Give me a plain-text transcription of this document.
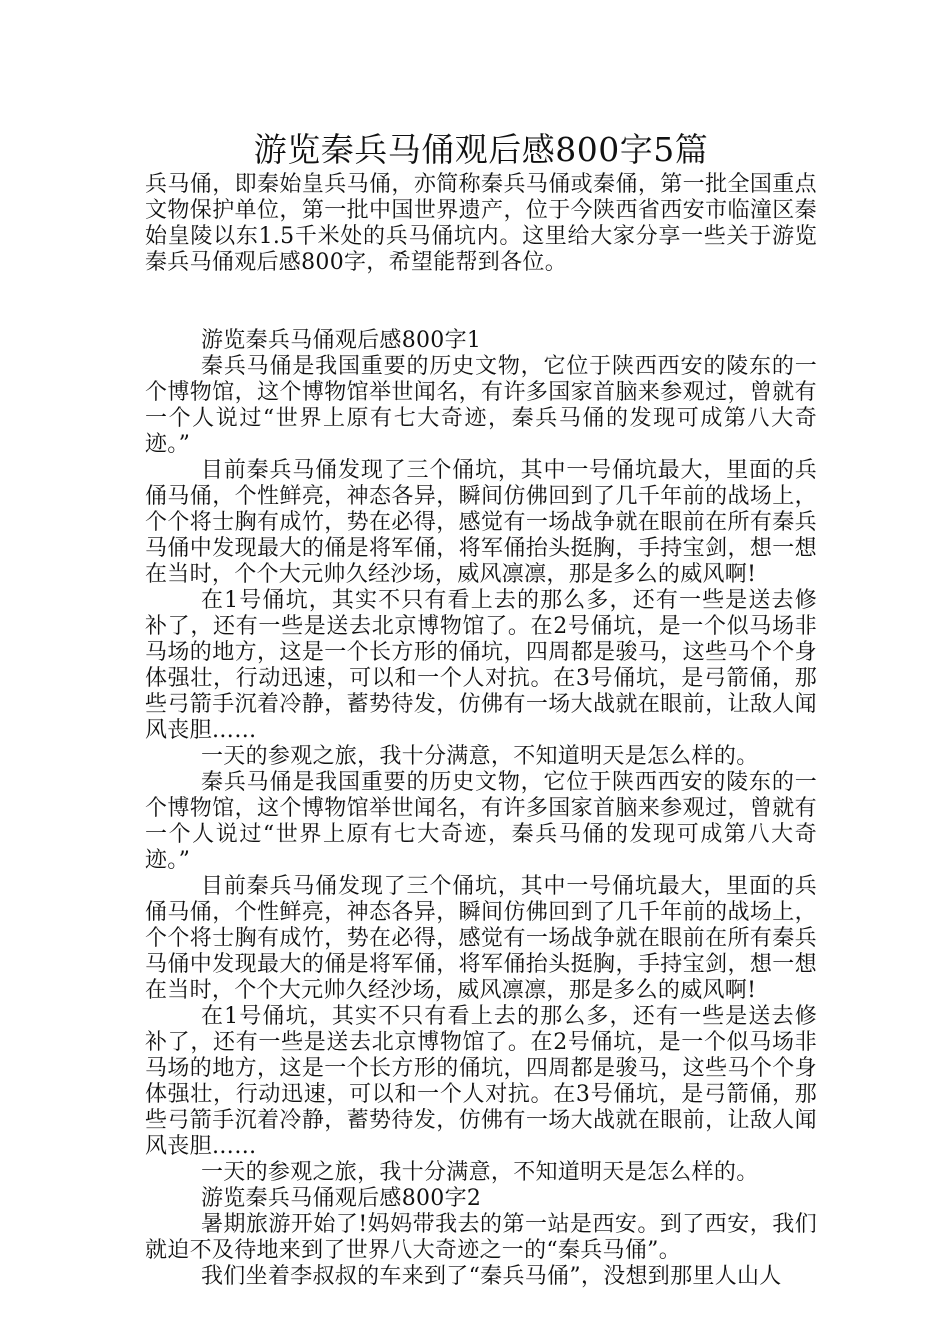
游览秦兵马俑观后感800字5篇

兵马俑，即秦始皇兵马俑，亦简称秦兵马俑或秦俑，第一批全国重点文物保护单位，第一批中国世界遗产，位于今陕西省西安市临潼区秦始皇陵以东1.5千米处的兵马俑坑内。这里给大家分享一些关于游览秦兵马俑观后感800字，希望能帮到各位。

游览秦兵马俑观后感800字1

秦兵马俑是我国重要的历史文物，它位于陕西西安的陵东的一个博物馆，这个博物馆举世闻名，有许多国家首脑来参观过，曾就有一个人说过“世界上原有七大奇迹，秦兵马俑的发现可成第八大奇迹。”

目前秦兵马俑发现了三个俑坑，其中一号俑坑最大，里面的兵俑马俑，个性鲜亮，神态各异，瞬间仿佛回到了几千年前的战场上，个个将士胸有成竹，势在必得，感觉有一场战争就在眼前在所有秦兵马俑中发现最大的俑是将军俑，将军俑抬头挺胸，手持宝剑，想一想在当时，个个大元帅久经沙场，威风凛凛，那是多么的威风啊!

在1号俑坑，其实不只有看上去的那么多，还有一些是送去修补了，还有一些是送去北京博物馆了。在2号俑坑，是一个似马场非马场的地方，这是一个长方形的俑坑，四周都是骏马，这些马个个身体强壮，行动迅速，可以和一个人对抗。在3号俑坑，是弓箭俑，那些弓箭手沉着冷静，蓄势待发，仿佛有一场大战就在眼前，让敌人闻风丧胆……

一天的参观之旅，我十分满意，不知道明天是怎么样的。

秦兵马俑是我国重要的历史文物，它位于陕西西安的陵东的一个博物馆，这个博物馆举世闻名，有许多国家首脑来参观过，曾就有一个人说过“世界上原有七大奇迹，秦兵马俑的发现可成第八大奇迹。”

目前秦兵马俑发现了三个俑坑，其中一号俑坑最大，里面的兵俑马俑，个性鲜亮，神态各异，瞬间仿佛回到了几千年前的战场上，个个将士胸有成竹，势在必得，感觉有一场战争就在眼前在所有秦兵马俑中发现最大的俑是将军俑，将军俑抬头挺胸，手持宝剑，想一想在当时，个个大元帅久经沙场，威风凛凛，那是多么的威风啊!

在1号俑坑，其实不只有看上去的那么多，还有一些是送去修补了，还有一些是送去北京博物馆了。在2号俑坑，是一个似马场非马场的地方，这是一个长方形的俑坑，四周都是骏马，这些马个个身体强壮，行动迅速，可以和一个人对抗。在3号俑坑，是弓箭俑，那些弓箭手沉着冷静，蓄势待发，仿佛有一场大战就在眼前，让敌人闻风丧胆……

一天的参观之旅，我十分满意，不知道明天是怎么样的。

游览秦兵马俑观后感800字2

暑期旅游开始了!妈妈带我去的第一站是西安。到了西安，我们就迫不及待地来到了世界八大奇迹之一的“秦兵马俑”。

我们坐着李叔叔的车来到了“秦兵马俑”，没想到那里人山人
